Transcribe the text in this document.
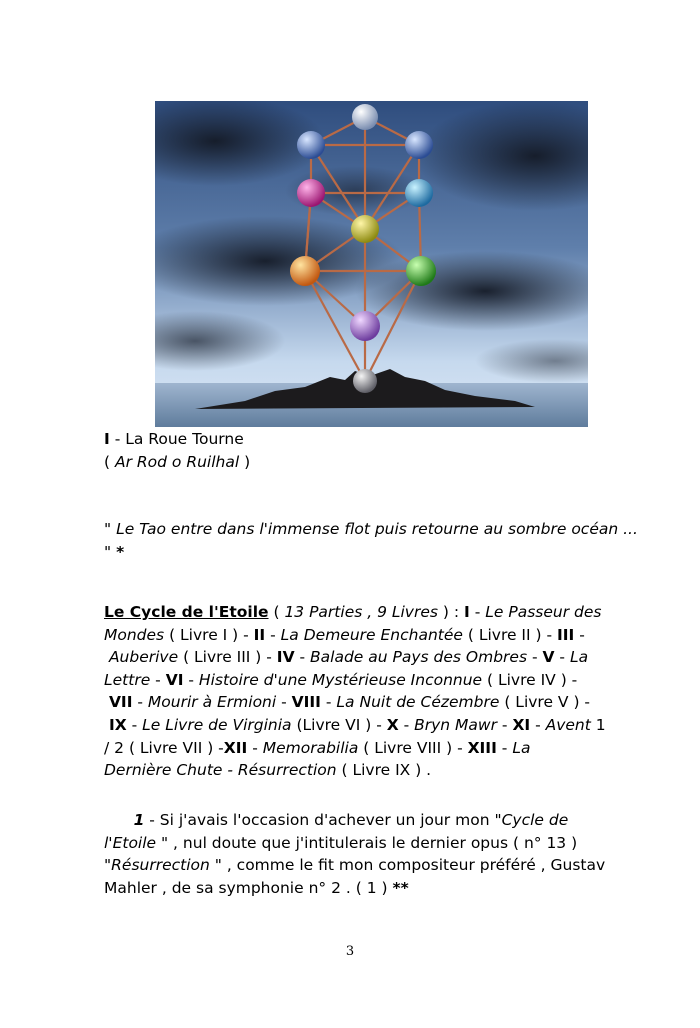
I - La Roue Tourne
( Ar Rod o Ruilhal )
" Le Tao entre dans l'immense flot puis retourne au sombre océan ...
" *
Le Cycle de l'Etoile ( 13 Parties , 9 Livres ) : I - Le Passeur des
Mondes ( Livre I ) - II - La Demeure Enchantée ( Livre II ) - III -
Auberive ( Livre III ) - IV - Balade au Pays des Ombres - V - La
Lettre - VI - Histoire d'une Mystérieuse Inconnue ( Livre IV ) -
VII - Mourir à Ermioni - VIII - La Nuit de Cézembre ( Livre V ) -
IX - Le Livre de Virginia (Livre VI ) - X - Bryn Mawr - XI - Avent 1
/ 2 ( Livre VII ) -XII - Memorabilia ( Livre VIII ) - XIII - La
Dernière Chute - Résurrection ( Livre IX ) .
1 - Si j'avais l'occasion d'achever un jour mon "Cycle de
l'Etoile " , nul doute que j'intitulerais le dernier opus ( n° 13 )
"Résurrection " , comme le fit mon compositeur préféré , Gustav
Mahler , de sa symphonie n° 2 . ( 1 ) **
3
